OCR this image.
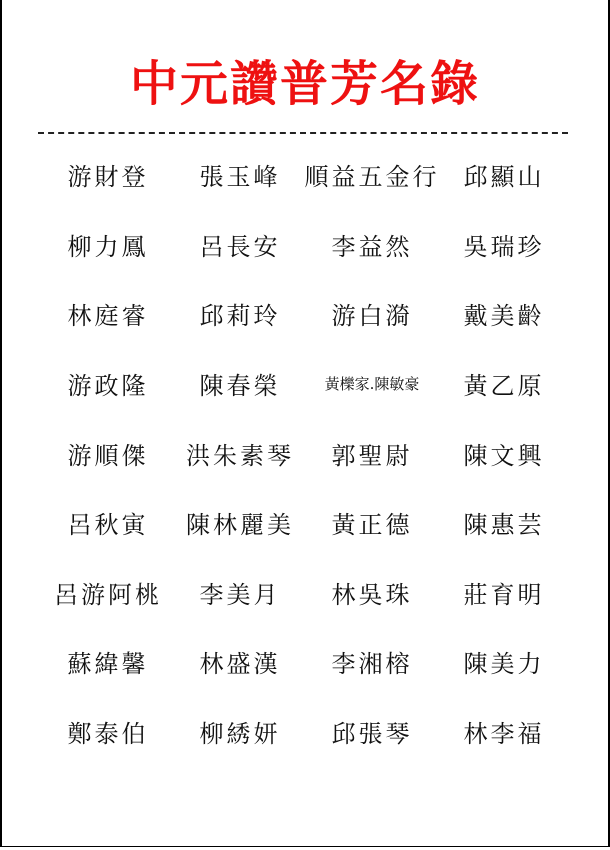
中元讚普芳名錄
游財登	張玉峰	順益五金行	邱顯山
柳力鳳	呂長安	李益然	吳瑞珍
林庭睿	邱莉玲	游白漪	戴美齡
游政隆	陳春榮	黃櫟家.陳敏豪	黃乙原
游順傑	洪朱素琴	郭聖尉	陳文興
呂秋寅	陳林麗美	黃正德	陳惠芸
呂游阿桃	李美月	林吳珠	莊育明
蘇緯馨	林盛漢	李湘榕	陳美力
鄭泰伯	柳綉妍	邱張琴	林李福
